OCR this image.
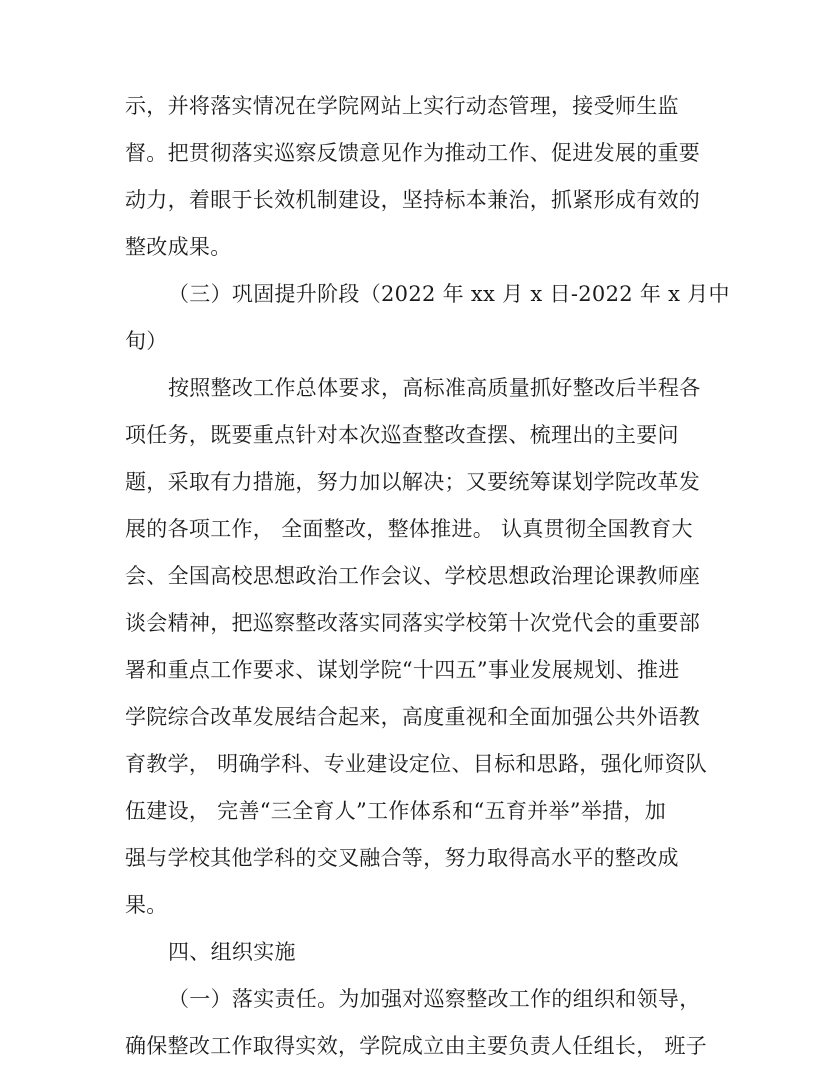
示，并将落实情况在学院网站上实行动态管理，接受师生监
督。把贯彻落实巡察反馈意见作为推动工作、促进发展的重要
动力，着眼于长效机制建设，坚持标本兼治，抓紧形成有效的
整改成果。
（三）巩固提升阶段（2022 年 xx 月 x 日-2022 年 x 月中
旬）
按照整改工作总体要求，高标准高质量抓好整改后半程各
项任务，既要重点针对本次巡查整改查摆、梳理出的主要问
题，采取有力措施，努力加以解决；又要统筹谋划学院改革发
展的各项工作， 全面整改，整体推进。 认真贯彻全国教育大
会、全国高校思想政治工作会议、学校思想政治理论课教师座
谈会精神，把巡察整改落实同落实学校第十次党代会的重要部
署和重点工作要求、谋划学院“十四五”事业发展规划、推进
学院综合改革发展结合起来，高度重视和全面加强公共外语教
育教学， 明确学科、专业建设定位、目标和思路，强化师资队
伍建设， 完善“三全育人”工作体系和“五育并举”举措，加
强与学校其他学科的交叉融合等，努力取得高水平的整改成
果。
四、组织实施
（一）落实责任。为加强对巡察整改工作的组织和领导，
确保整改工作取得实效，学院成立由主要负责人任组长， 班子
